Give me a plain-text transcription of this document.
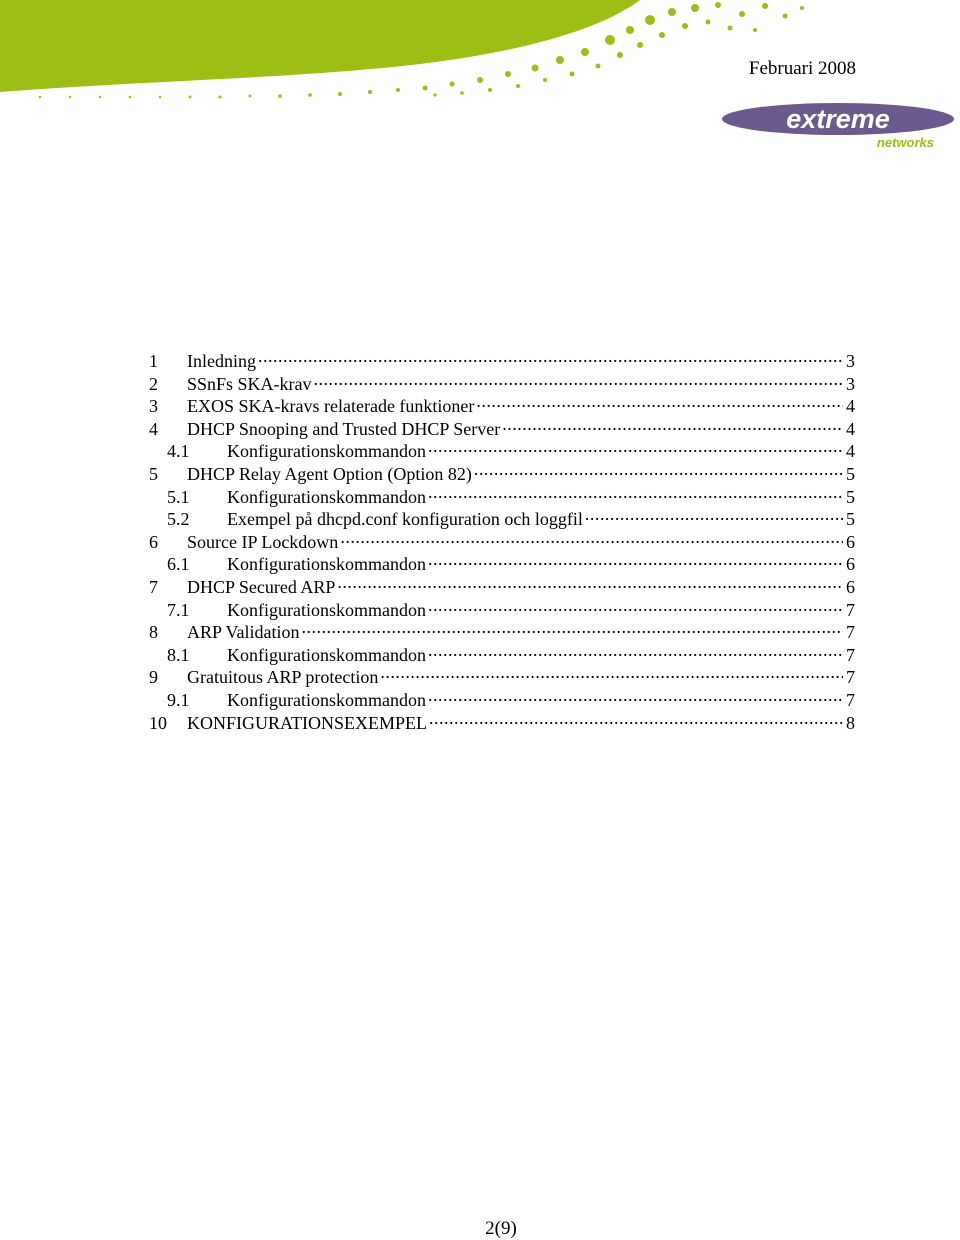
Februari 2008
extreme
networks
1	Inledning .....	3
2	SSnFs SKA-krav .....	3
3	EXOS SKA-kravs relaterade funktioner .....	4
4	DHCP Snooping and Trusted DHCP Server .....	4
4.1	Konfigurationskommandon .....	4
5	DHCP Relay Agent Option (Option 82) .....	5
5.1	Konfigurationskommandon .....	5
5.2	Exempel på dhcpd.conf konfiguration och loggfil .....	5
6	Source IP Lockdown .....	6
6.1	Konfigurationskommandon .....	6
7	DHCP Secured ARP .....	6
7.1	Konfigurationskommandon .....	7
8	ARP Validation .....	7
8.1	Konfigurationskommandon .....	7
9	Gratuitous ARP protection .....	7
9.1	Konfigurationskommandon .....	7
10	KONFIGURATIONSEXEMPEL .....	8
2(9)
